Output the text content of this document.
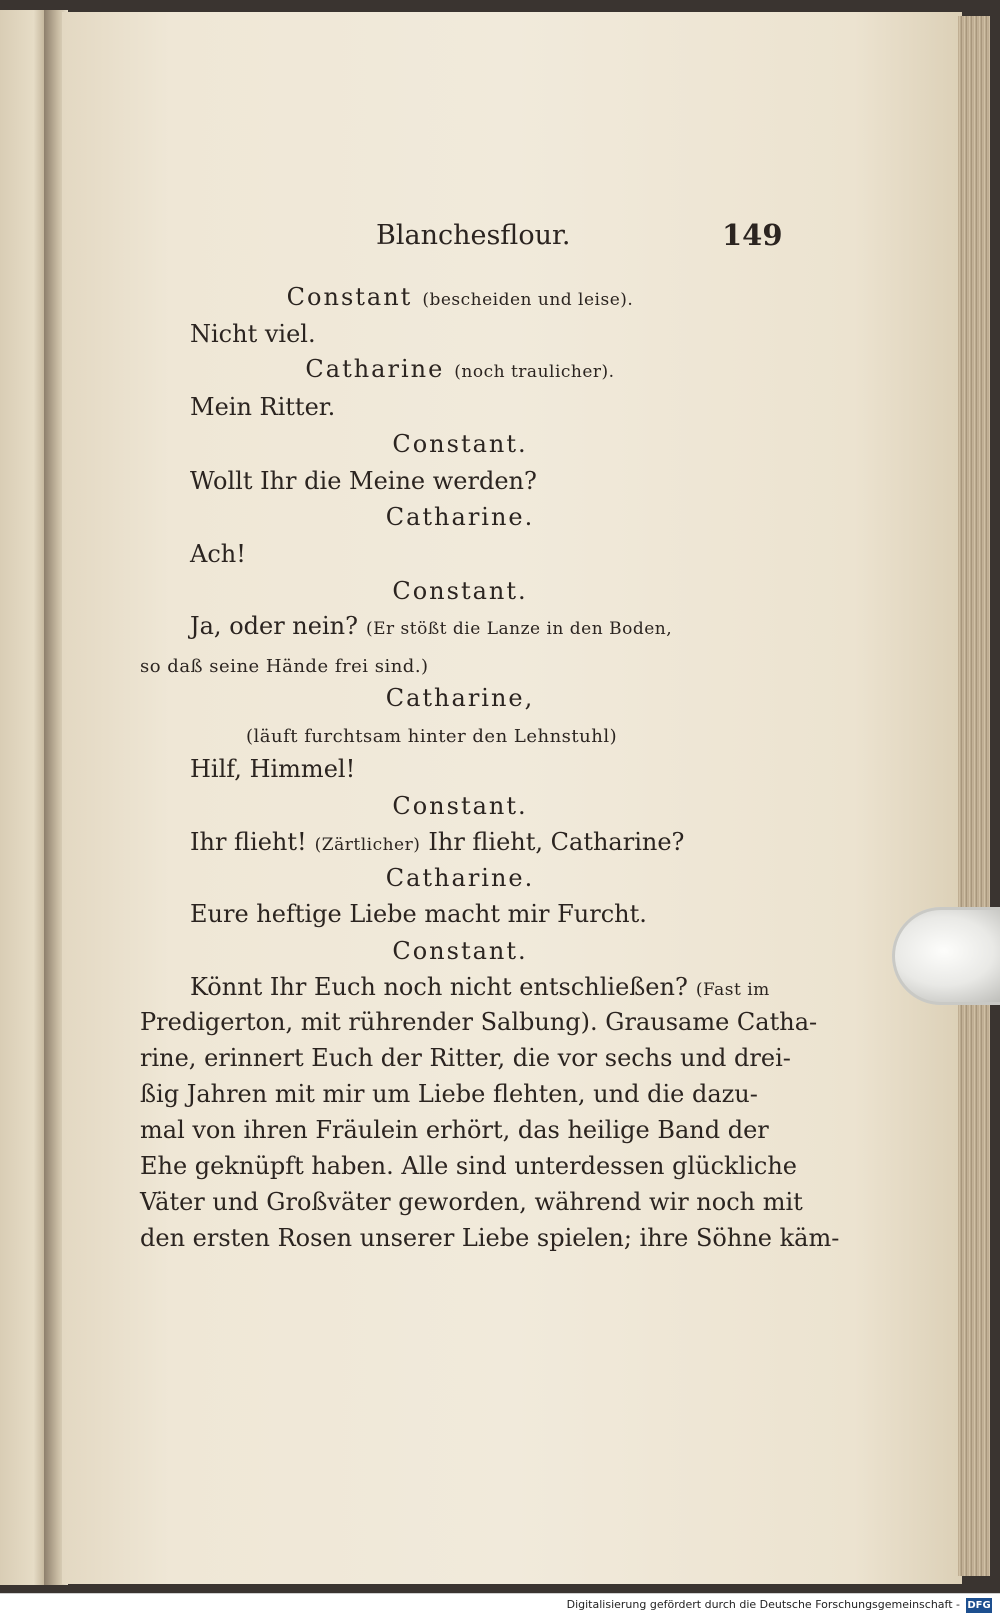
Blanchesflour.	149
Constant (bescheiden und leise).
Nicht viel.
Catharine (noch traulicher).
Mein Ritter.
Constant.
Wollt Ihr die Meine werden?
Catharine.
Ach!
Constant.
Ja, oder nein? (Er stößt die Lanze in den Boden,
so daß seine Hände frei sind.)
Catharine,
(läuft furchtsam hinter den Lehnstuhl)
Hilf, Himmel!
Constant.
Ihr flieht! (Zärtlicher) Ihr flieht, Catharine?
Catharine.
Eure heftige Liebe macht mir Furcht.
Constant.
Könnt Ihr Euch noch nicht entschließen? (Fast im
Predigerton, mit rührender Salbung). Grausame Catha-
rine, erinnert Euch der Ritter, die vor sechs und drei-
ßig Jahren mit mir um Liebe flehten, und die dazu-
mal von ihren Fräulein erhört, das heilige Band der
Ehe geknüpft haben. Alle sind unterdessen glückliche
Väter und Großväter geworden, während wir noch mit
den ersten Rosen unserer Liebe spielen; ihre Söhne käm-
Digitalisierung gefördert durch die Deutsche Forschungsgemeinschaft - DFG
